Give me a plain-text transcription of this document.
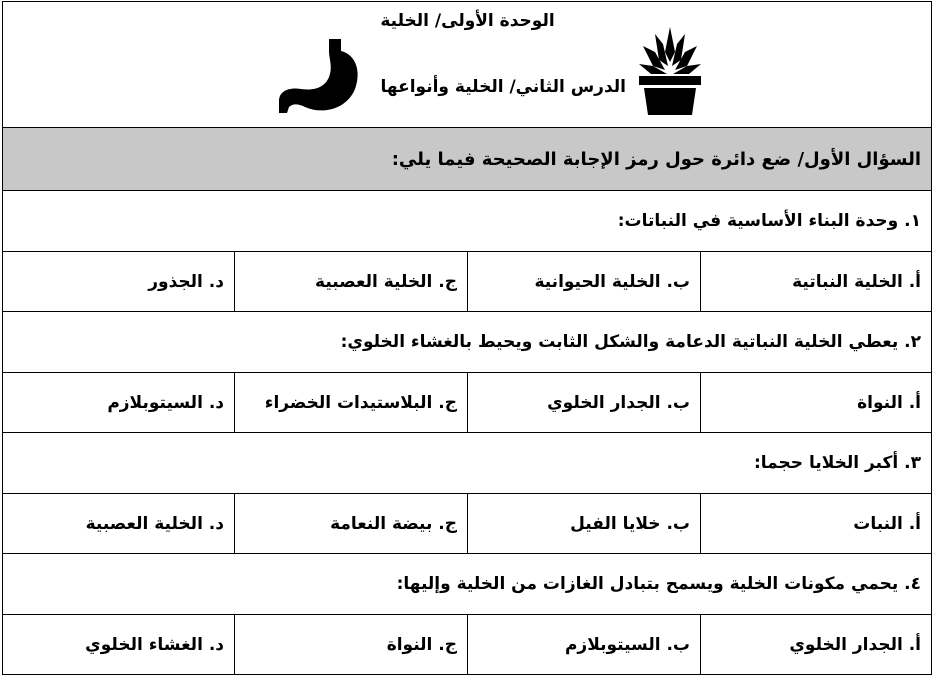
الوحدة الأولى/ الخلية
الدرس الثاني/ الخلية وأنواعها			

السؤال الأول/ ضع دائرة حول رمز الإجابة الصحيحة فيما يلي:			
١. وحدة البناء الأساسية في النباتات:			
أ. الخلية النباتية	ب. الخلية الحيوانية	ج. الخلية العصبية	د. الجذور
٢. يعطي الخلية النباتية الدعامة والشكل الثابت ويحيط بالغشاء الخلوي:			
أ. النواة	ب. الجدار الخلوي	ج. البلاستيدات الخضراء	د. السيتوبلازم
٣. أكبر الخلايا حجما:			
أ. النبات	ب. خلايا الفيل	ج. بيضة النعامة	د. الخلية العصبية
٤. يحمي مكونات الخلية ويسمح بتبادل الغازات من الخلية وإليها:			
أ. الجدار الخلوي	ب. السيتوبلازم	ج. النواة	د. الغشاء الخلوي
